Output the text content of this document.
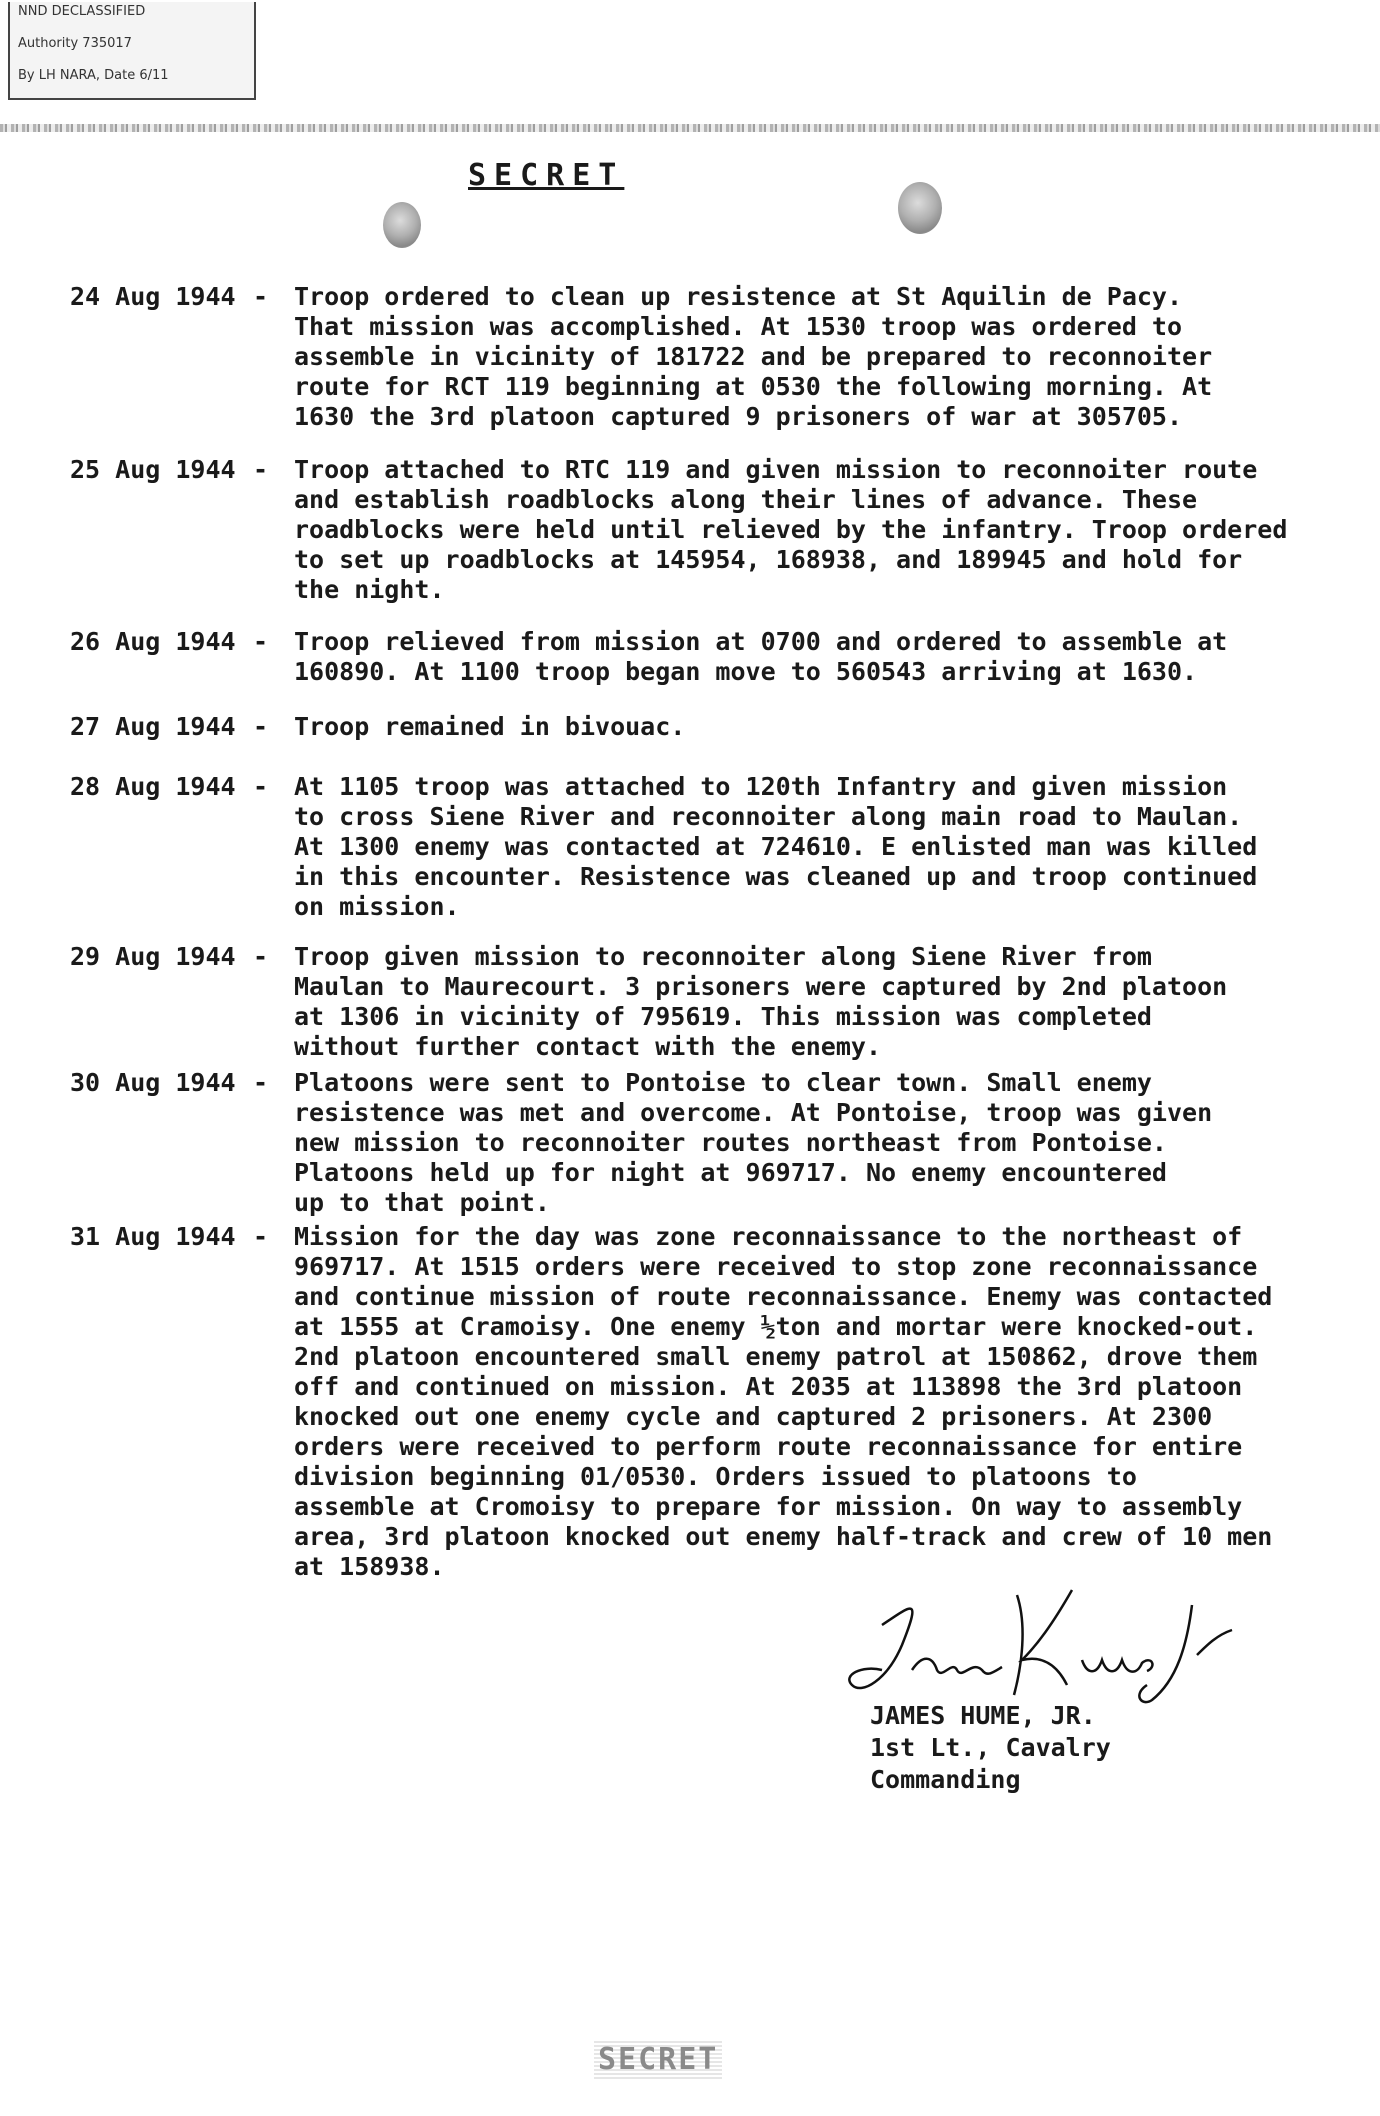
NND DECLASSIFIED
Authority 735017
By LH NARA, Date 6/11
SECRET
24 Aug 1944 - Troop ordered to clean up resistence at St Aquilin de Pacy.
That mission was accomplished. At 1530 troop was ordered to
assemble in vicinity of 181722 and be prepared to reconnoiter
route for RCT 119 beginning at 0530 the following morning. At
1630 the 3rd platoon captured 9 prisoners of war at 305705.
25 Aug 1944 - Troop attached to RTC 119 and given mission to reconnoiter route
and establish roadblocks along their lines of advance. These
roadblocks were held until relieved by the infantry. Troop ordered
to set up roadblocks at 145954, 168938, and 189945 and hold for
the night.
26 Aug 1944 - Troop relieved from mission at 0700 and ordered to assemble at
160890. At 1100 troop began move to 560543 arriving at 1630.
27 Aug 1944 - Troop remained in bivouac.
28 Aug 1944 - At 1105 troop was attached to 120th Infantry and given mission
to cross Siene River and reconnoiter along main road to Maulan.
At 1300 enemy was contacted at 724610. E enlisted man was killed
in this encounter. Resistence was cleaned up and troop continued
on mission.
29 Aug 1944 - Troop given mission to reconnoiter along Siene River from
Maulan to Maurecourt. 3 prisoners were captured by 2nd platoon
at 1306 in vicinity of 795619. This mission was completed
without further contact with the enemy.
30 Aug 1944 - Platoons were sent to Pontoise to clear town. Small enemy
resistence was met and overcome. At Pontoise, troop was given
new mission to reconnoiter routes northeast from Pontoise.
Platoons held up for night at 969717. No enemy encountered
up to that point.
31 Aug 1944 - Mission for the day was zone reconnaissance to the northeast of
969717. At 1515 orders were received to stop zone reconnaissance
and continue mission of route reconnaissance. Enemy was contacted
at 1555 at Cramoisy. One enemy ½ton and mortar were knocked-out.
2nd platoon encountered small enemy patrol at 150862, drove them
off and continued on mission. At 2035 at 113898 the 3rd platoon
knocked out one enemy cycle and captured 2 prisoners. At 2300
orders were received to perform route reconnaissance for entire
division beginning 01/0530. Orders issued to platoons to
assemble at Cromoisy to prepare for mission. On way to assembly
area, 3rd platoon knocked out enemy half-track and crew of 10 men
at 158938.
JAMES HUME, JR.
1st Lt., Cavalry
Commanding
SECRET
